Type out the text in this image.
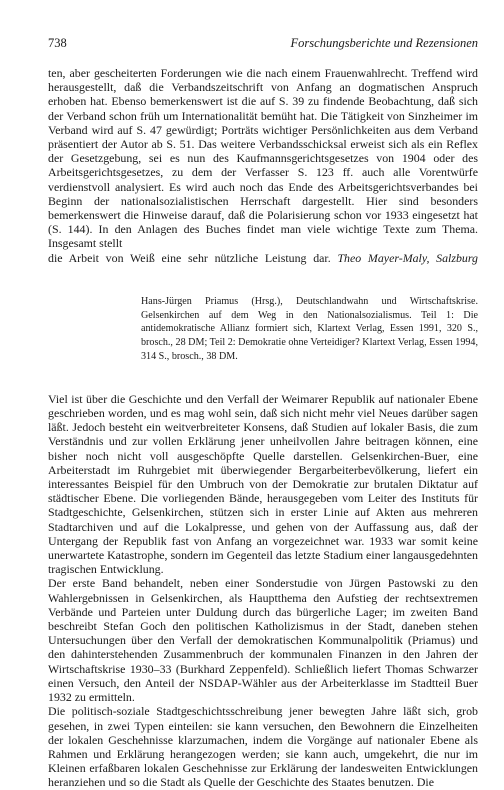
738	Forschungsberichte und Rezensionen

ten, aber gescheiterten Forderungen wie die nach einem Frauenwahlrecht. Treffend wird herausgestellt, daß die Verbandszeitschrift von Anfang an dogmatischen Anspruch erhoben hat. Ebenso bemerkenswert ist die auf S. 39 zu findende Beobachtung, daß sich der Verband schon früh um Internationalität bemüht hat. Die Tätigkeit von Sinzheimer im Verband wird auf S. 47 gewürdigt; Porträts wichtiger Persönlichkeiten aus dem Verband präsentiert der Autor ab S. 51. Das weitere Verbandsschicksal erweist sich als ein Reflex der Gesetzgebung, sei es nun des Kaufmannsgerichtsgesetzes von 1904 oder des Arbeitsgerichtsgesetzes, zu dem der Verfasser S. 123 ff. auch alle Vorentwürfe verdienstvoll analysiert. Es wird auch noch das Ende des Arbeitsgerichtsverbandes bei Beginn der nationalsozialistischen Herrschaft dargestellt. Hier sind besonders bemerkenswert die Hinweise darauf, daß die Polarisierung schon vor 1933 eingesetzt hat (S. 144). In den Anlagen des Buches findet man viele wichtige Texte zum Thema. Insgesamt stellt

die Arbeit von Weiß eine sehr nützliche Leistung dar. Theo Mayer-Maly, Salzburg

Hans-Jürgen Priamus (Hrsg.), Deutschlandwahn und Wirtschaftskrise. Gelsenkirchen auf dem Weg in den Nationalsozialismus. Teil 1: Die antidemokratische Allianz formiert sich, Klartext Verlag, Essen 1991, 320 S., brosch., 28 DM; Teil 2: Demokratie ohne Verteidiger? Klartext Verlag, Essen 1994, 314 S., brosch., 38 DM.

Viel ist über die Geschichte und den Verfall der Weimarer Republik auf nationaler Ebene geschrieben worden, und es mag wohl sein, daß sich nicht mehr viel Neues darüber sagen läßt. Jedoch besteht ein weitverbreiteter Konsens, daß Studien auf lokaler Basis, die zum Verständnis und zur vollen Erklärung jener unheilvollen Jahre beitragen können, eine bisher noch nicht voll ausgeschöpfte Quelle darstellen. Gelsenkirchen-Buer, eine Arbeiterstadt im Ruhrgebiet mit überwiegender Bergarbeiterbevölkerung, liefert ein interessantes Beispiel für den Umbruch von der Demokratie zur brutalen Diktatur auf städtischer Ebene. Die vorliegenden Bände, herausgegeben vom Leiter des Instituts für Stadtgeschichte, Gelsenkirchen, stützen sich in erster Linie auf Akten aus mehreren Stadtarchiven und auf die Lokalpresse, und gehen von der Auffassung aus, daß der Untergang der Republik fast von Anfang an vorgezeichnet war. 1933 war somit keine unerwartete Katastrophe, sondern im Gegenteil das letzte Stadium einer langausgedehnten tragischen Entwicklung.

Der erste Band behandelt, neben einer Sonderstudie von Jürgen Pastowski zu den Wahlergebnissen in Gelsenkirchen, als Hauptthema den Aufstieg der rechtsextremen Verbände und Parteien unter Duldung durch das bürgerliche Lager; im zweiten Band beschreibt Stefan Goch den politischen Katholizismus in der Stadt, daneben stehen Untersuchungen über den Verfall der demokratischen Kommunalpolitik (Priamus) und den dahinterstehenden Zusammenbruch der kommunalen Finanzen in den Jahren der Wirtschaftskrise 1930–33 (Burkhard Zeppenfeld). Schließlich liefert Thomas Schwarzer einen Versuch, den Anteil der NSDAP-Wähler aus der Arbeiterklasse im Stadtteil Buer 1932 zu ermitteln.

Die politisch-soziale Stadtgeschichtsschreibung jener bewegten Jahre läßt sich, grob gesehen, in zwei Typen einteilen: sie kann versuchen, den Bewohnern die Einzelheiten der lokalen Geschehnisse klarzumachen, indem die Vorgänge auf nationaler Ebene als Rahmen und Erklärung herangezogen werden; sie kann auch, umgekehrt, die nur im Kleinen erfaßbaren lokalen Geschehnisse zur Erklärung der landesweiten Entwicklungen heranziehen und so die Stadt als Quelle der Geschichte des Staates benutzen. Die
